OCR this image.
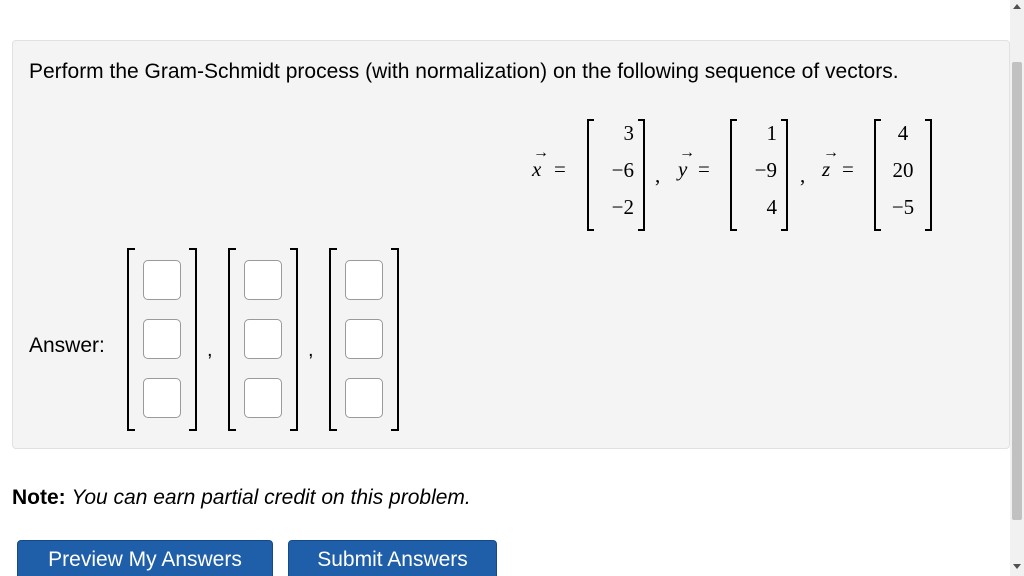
Perform the Gram-Schmidt process (with normalization) on the following sequence of vectors.
x
→
=
3
−6
−2
, y
→
=
1
−9
4
, z
→
=
4
20
−5
Answer:	,	,
Note: You can earn partial credit on this problem.
Preview My Answers	Submit Answers
